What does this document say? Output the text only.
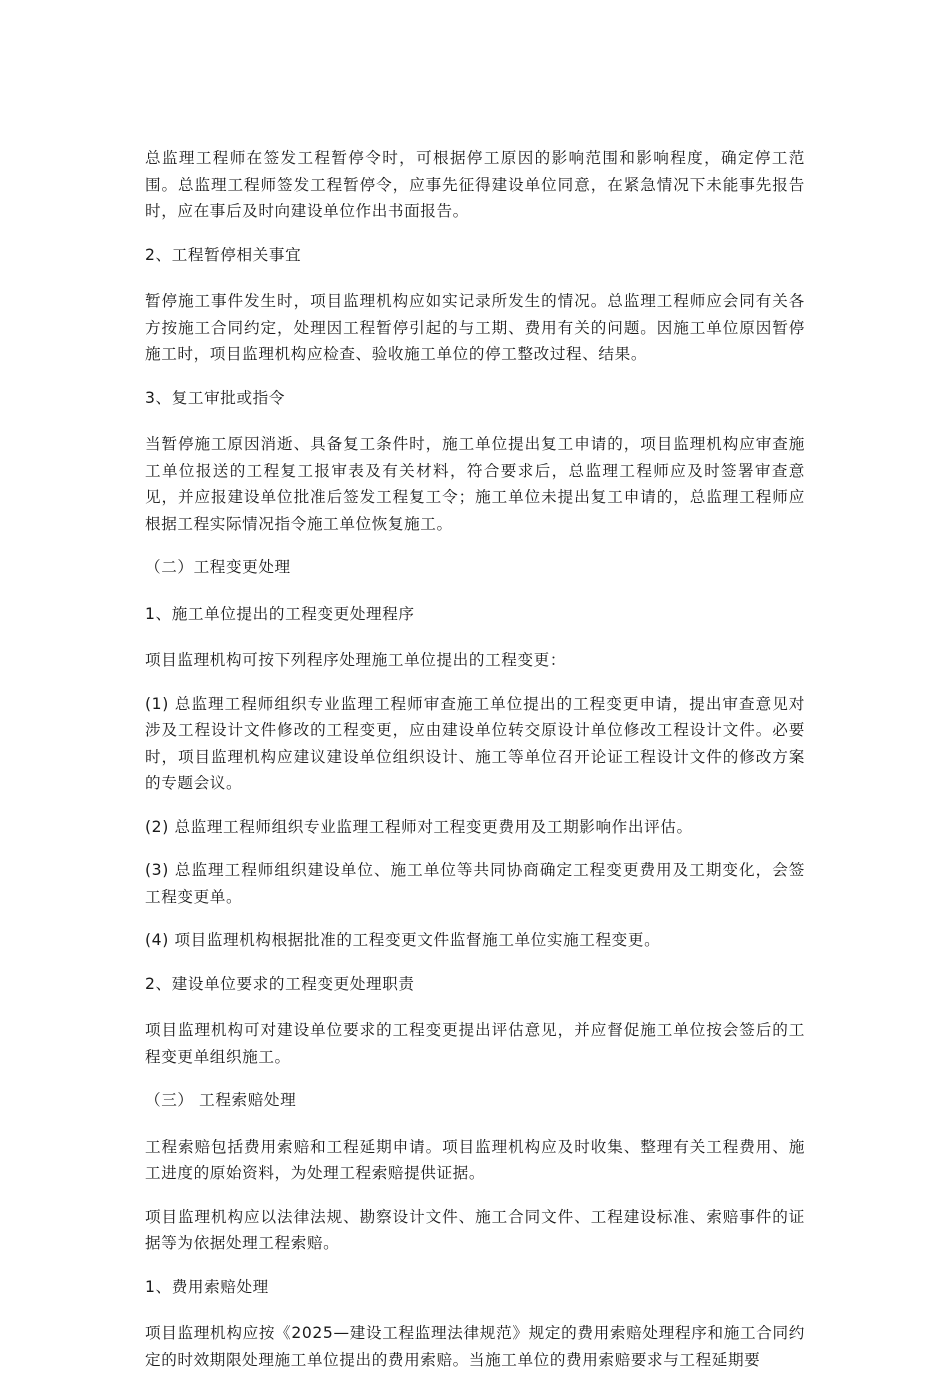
总监理工程师在签发工程暂停令时，可根据停工原因的影响范围和影响程度，确定停工范围。总监理工程师签发工程暂停令，应事先征得建设单位同意，在紧急情况下未能事先报告时，应在事后及时向建设单位作出书面报告。

2、工程暂停相关事宜

暂停施工事件发生时，项目监理机构应如实记录所发生的情况。总监理工程师应会同有关各方按施工合同约定，处理因工程暂停引起的与工期、费用有关的问题。因施工单位原因暂停施工时，项目监理机构应检查、验收施工单位的停工整改过程、结果。

3、复工审批或指令

当暂停施工原因消逝、具备复工条件时，施工单位提出复工申请的，项目监理机构应审查施工单位报送的工程复工报审表及有关材料，符合要求后，总监理工程师应及时签署审查意见，并应报建设单位批准后签发工程复工令；施工单位未提出复工申请的，总监理工程师应根据工程实际情况指令施工单位恢复施工。

（二）工程变更处理

1、施工单位提出的工程变更处理程序

项目监理机构可按下列程序处理施工单位提出的工程变更：

(1) 总监理工程师组织专业监理工程师审查施工单位提出的工程变更申请，提出审查意见对涉及工程设计文件修改的工程变更，应由建设单位转交原设计单位修改工程设计文件。必要时，项目监理机构应建议建设单位组织设计、施工等单位召开论证工程设计文件的修改方案的专题会议。

(2) 总监理工程师组织专业监理工程师对工程变更费用及工期影响作出评估。

(3) 总监理工程师组织建设单位、施工单位等共同协商确定工程变更费用及工期变化，会签工程变更单。

(4) 项目监理机构根据批准的工程变更文件监督施工单位实施工程变更。

2、建设单位要求的工程变更处理职责

项目监理机构可对建设单位要求的工程变更提出评估意见，并应督促施工单位按会签后的工程变更单组织施工。

（三） 工程索赔处理

工程索赔包括费用索赔和工程延期申请。项目监理机构应及时收集、整理有关工程费用、施工进度的原始资料，为处理工程索赔提供证据。

项目监理机构应以法律法规、勘察设计文件、施工合同文件、工程建设标准、索赔事件的证据等为依据处理工程索赔。

1、费用索赔处理

项目监理机构应按《2025—建设工程监理法律规范》规定的费用索赔处理程序和施工合同约定的时效期限处理施工单位提出的费用索赔。当施工单位的费用索赔要求与工程延期要
